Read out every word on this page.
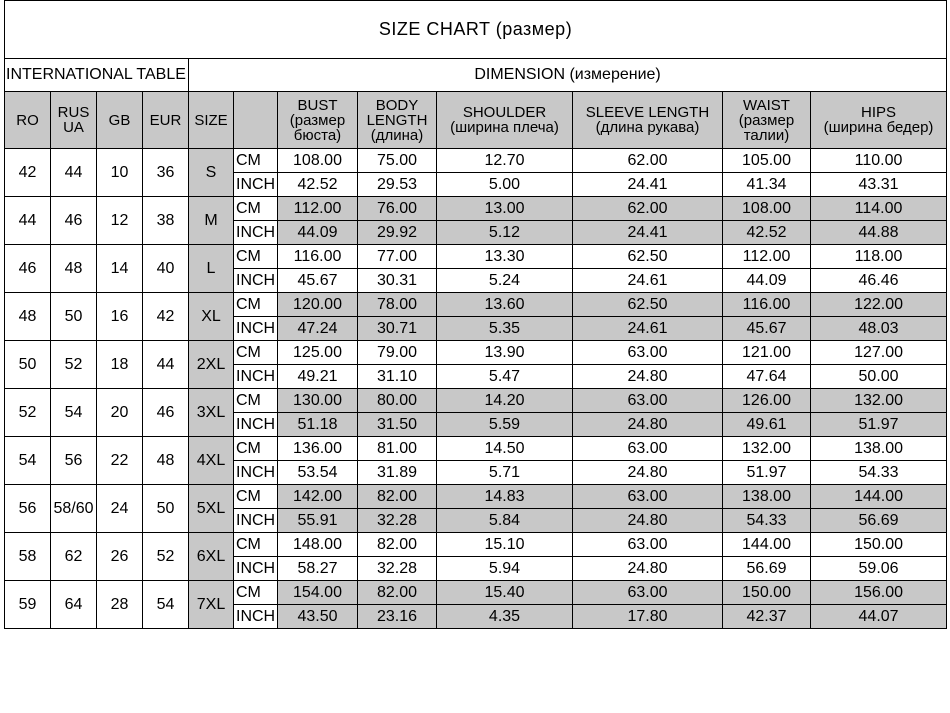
SIZE CHART (размер)											
INTERNATIONAL TABLE				DIMENSION (измерение)							
RO	RUS
UA	GB	EUR	SIZE		BUST
(размер
бюста)	BODY
LENGTH
(длина)	SHOULDER
(ширина плеча)	SLEEVE LENGTH
(длина рукава)	WAIST
(размер
талии)	HIPS
(ширина бедер)
42	44	10	36	S	CM	108.00	75.00	12.70	62.00	105.00	110.00
					INCH	42.52	29.53	5.00	24.41	41.34	43.31
44	46	12	38	M	CM	112.00	76.00	13.00	62.00	108.00	114.00
					INCH	44.09	29.92	5.12	24.41	42.52	44.88
46	48	14	40	L	CM	116.00	77.00	13.30	62.50	112.00	118.00
					INCH	45.67	30.31	5.24	24.61	44.09	46.46
48	50	16	42	XL	CM	120.00	78.00	13.60	62.50	116.00	122.00
					INCH	47.24	30.71	5.35	24.61	45.67	48.03
50	52	18	44	2XL	CM	125.00	79.00	13.90	63.00	121.00	127.00
					INCH	49.21	31.10	5.47	24.80	47.64	50.00
52	54	20	46	3XL	CM	130.00	80.00	14.20	63.00	126.00	132.00
					INCH	51.18	31.50	5.59	24.80	49.61	51.97
54	56	22	48	4XL	CM	136.00	81.00	14.50	63.00	132.00	138.00
					INCH	53.54	31.89	5.71	24.80	51.97	54.33
56	58/60	24	50	5XL	CM	142.00	82.00	14.83	63.00	138.00	144.00
					INCH	55.91	32.28	5.84	24.80	54.33	56.69
58	62	26	52	6XL	CM	148.00	82.00	15.10	63.00	144.00	150.00
					INCH	58.27	32.28	5.94	24.80	56.69	59.06
59	64	28	54	7XL	CM	154.00	82.00	15.40	63.00	150.00	156.00
					INCH	43.50	23.16	4.35	17.80	42.37	44.07
